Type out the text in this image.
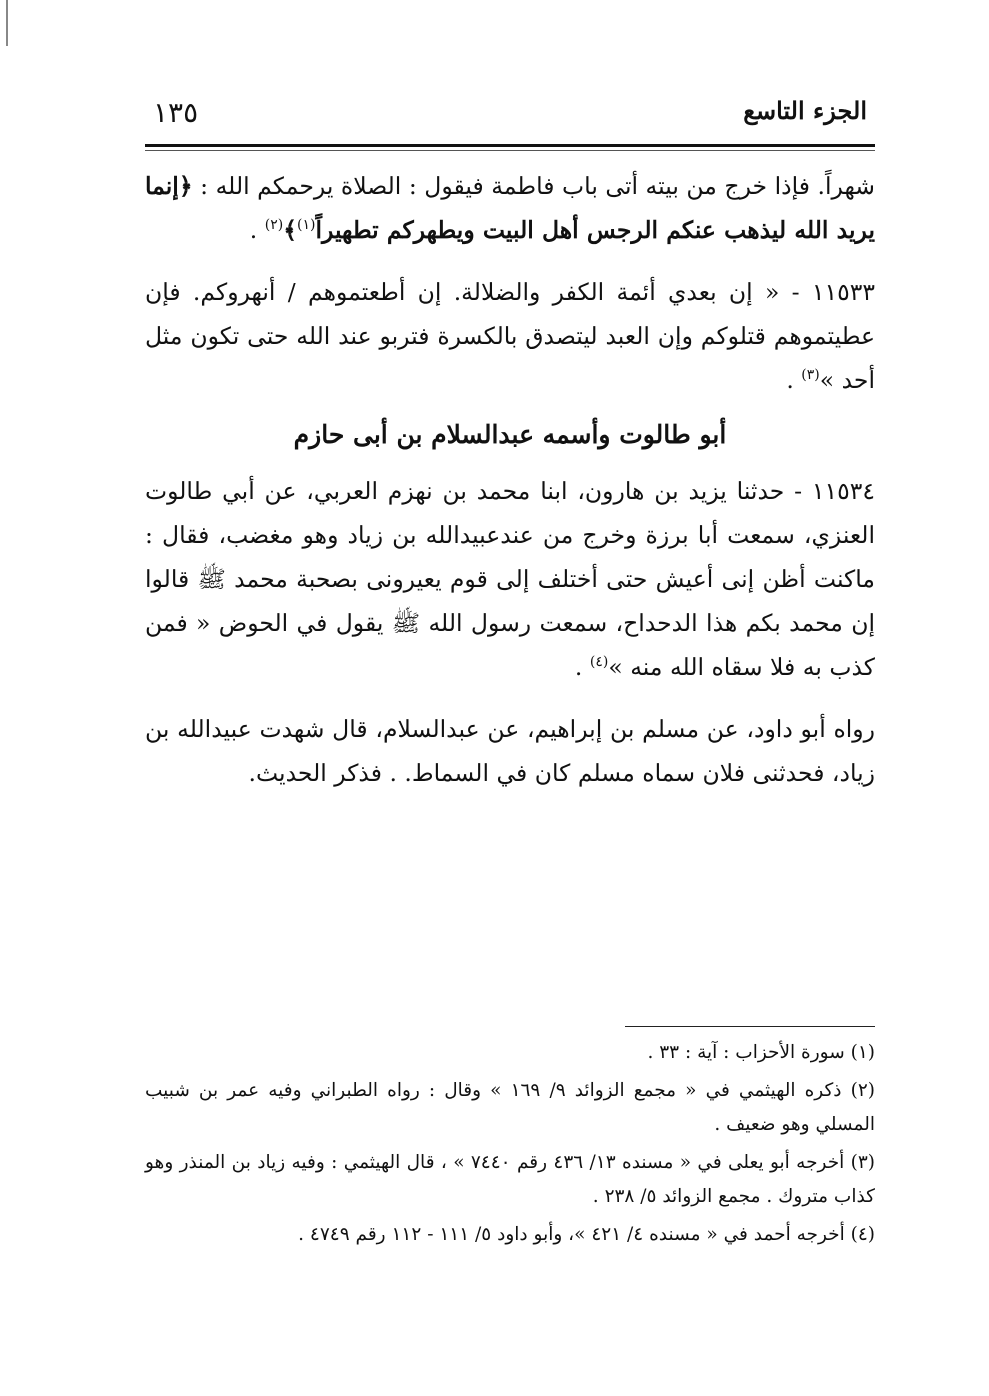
الجزء التاسع
١٣٥

شهراً. فإذا خرج من بيته أتى باب فاطمة فيقول : الصلاة يرحمكم الله : ﴿إنما يريد الله ليذهب عنكم الرجس أهل البيت ويطهركم تطهيراً$^{(١)}$﴾$^{(٢)}$ .

١١٥٣٣ - « إن بعدي أئمة الكفر والضلالة. إن أطعتموهم / أنهروكم. فإن عطيتموهم قتلوكم وإن العبد ليتصدق بالكسرة فتربو عند الله حتى تكون مثل أحد »$^{(٣)}$ .

أبو طالوت وأسمه عبدالسلام بن أبى حازم

١١٥٣٤ - حدثنا يزيد بن هارون، ابنا محمد بن نهزم العربي، عن أبي طالوت العنزي، سمعت أبا برزة وخرج من عندعبيدالله بن زياد وهو مغضب، فقال : ماكنت أظن إنى أعيش حتى أختلف إلى قوم يعيرونى بصحبة محمد ﷺ قالوا إن محمد بكم هذا الدحداح، سمعت رسول الله ﷺ يقول في الحوض « فمن كذب به فلا سقاه الله منه »$^{(٤)}$ .

رواه أبو داود، عن مسلم بن إبراهيم، عن عبدالسلام، قال شهدت عبيدالله بن زياد، فحدثنى فلان سماه مسلم كان في السماط. . فذكر الحديث.

(١) سورة الأحزاب : آية : ٣٣ .

(٢) ذكره الهيثمي في « مجمع الزوائد ٩/ ١٦٩ » وقال : رواه الطبراني وفيه عمر بن شبيب المسلي وهو ضعيف .

(٣) أخرجه أبو يعلى في « مسنده ١٣/ ٤٣٦ رقم ٧٤٤٠ » ، قال الهيثمي : وفيه زياد بن المنذر وهو كذاب متروك . مجمع الزوائد ٥/ ٢٣٨ .

(٤) أخرجه أحمد في « مسنده ٤/ ٤٢١ »، وأبو داود ٥/ ١١١ - ١١٢ رقم ٤٧٤٩ .
